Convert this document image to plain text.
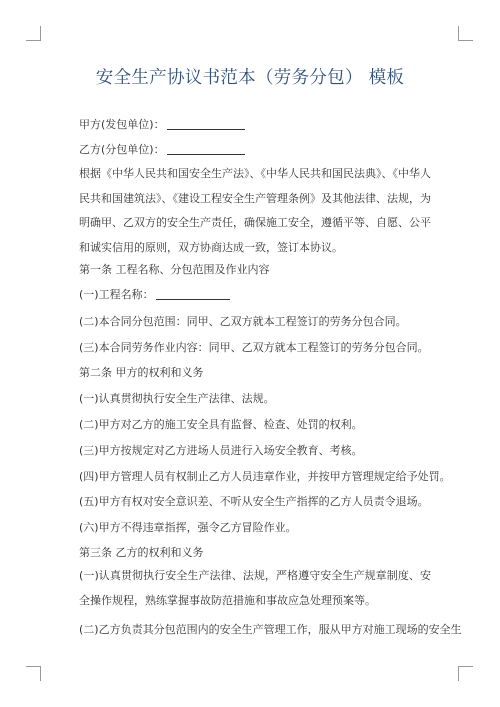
安全生产协议书范本（劳务分包） 模板
甲方(发包单位)：
乙方(分包单位)：
根据《中华人民共和国安全生产法》、《中华人民共和国民法典》、《中华人民共和国建筑法》、《建设工程安全生产管理条例》及其他法律、法规，为明确甲、乙双方的安全生产责任，确保施工安全，遵循平等、自愿、公平和诚实信用的原则，双方协商达成一致，签订本协议。
第一条 工程名称、分包范围及作业内容
(一)工程名称：
(二)本合同分包范围：同甲、乙双方就本工程签订的劳务分包合同。
(三)本合同劳务作业内容：同甲、乙双方就本工程签订的劳务分包合同。
第二条 甲方的权利和义务
(一)认真贯彻执行安全生产法律、法规。
(二)甲方对乙方的施工安全具有监督、检查、处罚的权利。
(三)甲方按规定对乙方进场人员进行入场安全教育、考核。
(四)甲方管理人员有权制止乙方人员违章作业，并按甲方管理规定给予处罚。
(五)甲方有权对安全意识差、不听从安全生产指挥的乙方人员责令退场。
(六)甲方不得违章指挥，强令乙方冒险作业。
第三条 乙方的权利和义务
(一)认真贯彻执行安全生产法律、法规，严格遵守安全生产规章制度、安全操作规程，熟练掌握事故防范措施和事故应急处理预案等。
(二)乙方负责其分包范围内的安全生产管理工作，服从甲方对施工现场的安全生
